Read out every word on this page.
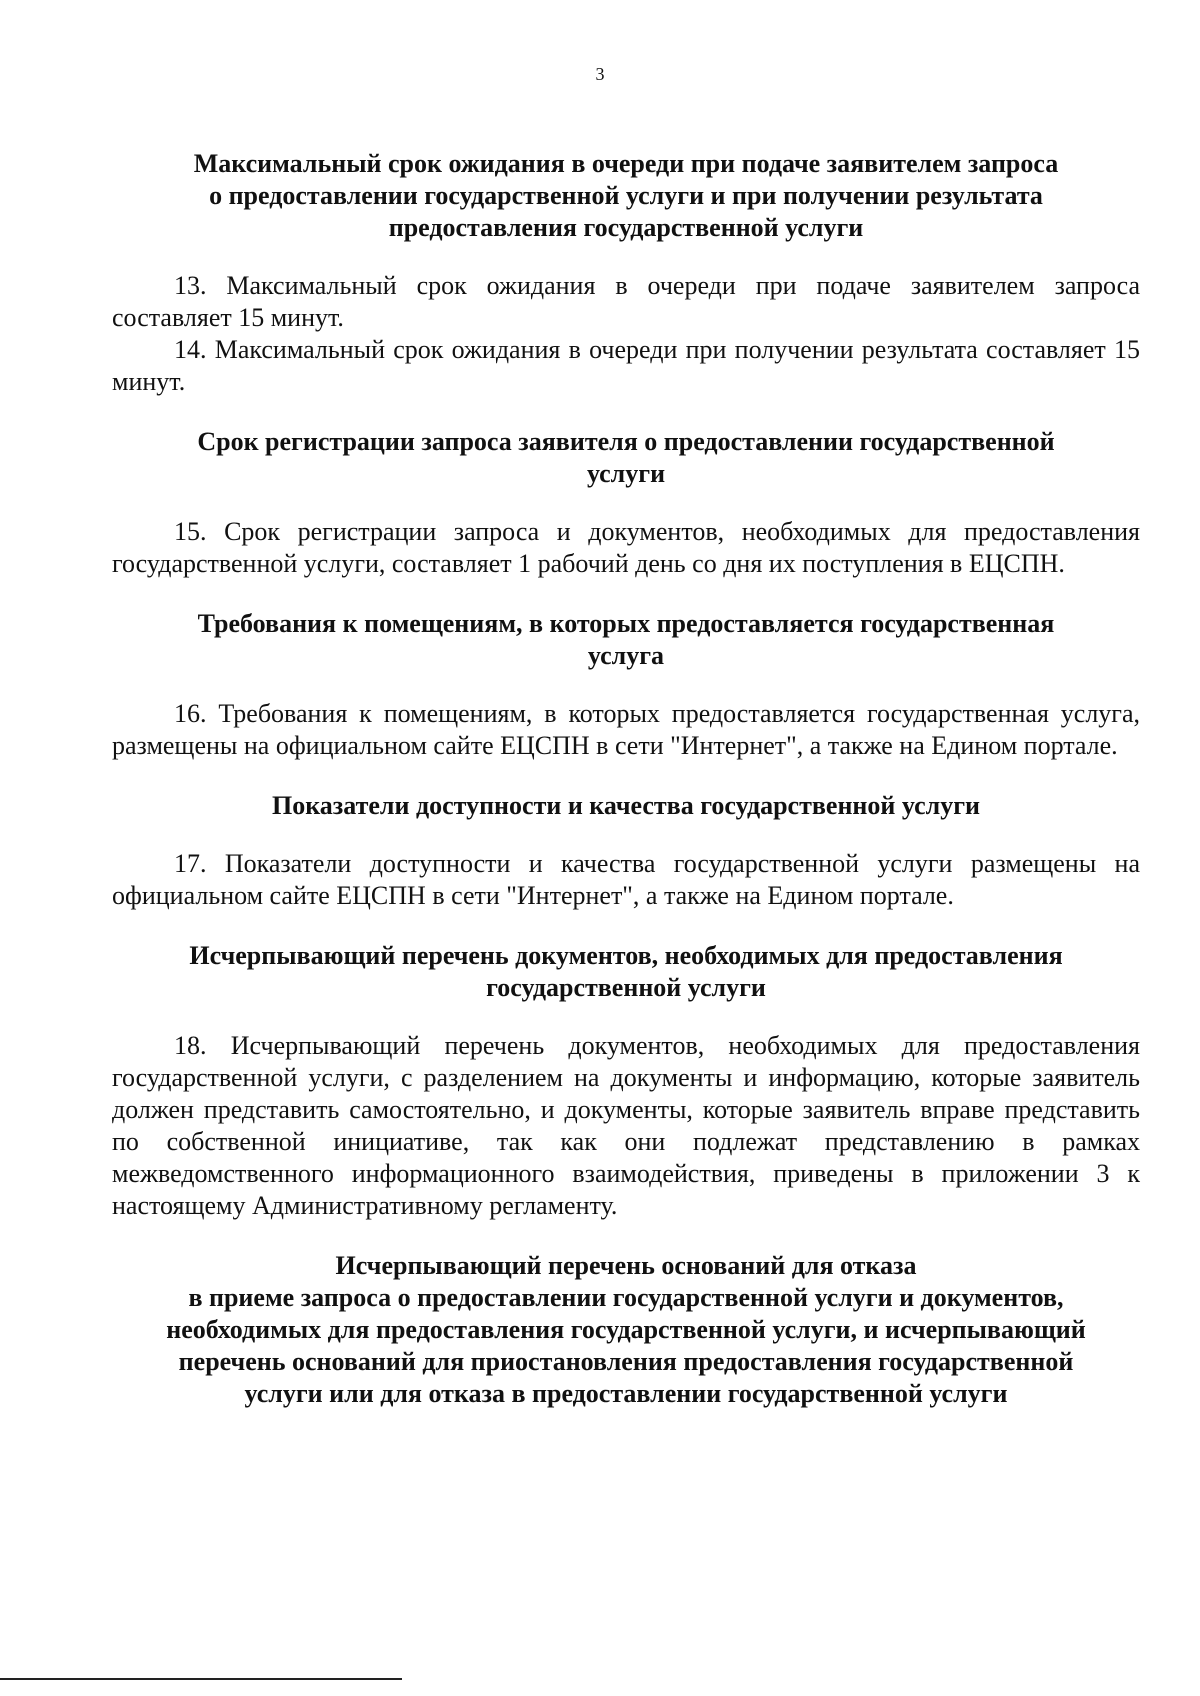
3

Максимальный срок ожидания в очереди при подаче заявителем запроса
о предоставлении государственной услуги и при получении результата
предоставления государственной услуги

13. Максимальный срок ожидания в очереди при подаче заявителем запроса составляет 15 минут.

14. Максимальный срок ожидания в очереди при получении результата составляет 15 минут.

Срок регистрации запроса заявителя о предоставлении государственной
услуги

15. Срок регистрации запроса и документов, необходимых для предоставления государственной услуги, составляет 1 рабочий день со дня их поступления в ЕЦСПН.

Требования к помещениям, в которых предоставляется государственная
услуга

16. Требования к помещениям, в которых предоставляется государственная услуга, размещены на официальном сайте ЕЦСПН в сети "Интернет", а также на Едином портале.

Показатели доступности и качества государственной услуги

17. Показатели доступности и качества государственной услуги размещены на официальном сайте ЕЦСПН в сети "Интернет", а также на Едином портале.

Исчерпывающий перечень документов, необходимых для предоставления
государственной услуги

18. Исчерпывающий перечень документов, необходимых для предоставления государственной услуги, с разделением на документы и информацию, которые заявитель должен представить самостоятельно, и документы, которые заявитель вправе представить по собственной инициативе, так как они подлежат представлению в рамках межведомственного информационного взаимодействия, приведены в приложении 3 к настоящему Административному регламенту.

Исчерпывающий перечень оснований для отказа
в приеме запроса о предоставлении государственной услуги и документов,
необходимых для предоставления государственной услуги, и исчерпывающий
перечень оснований для приостановления предоставления государственной
услуги или для отказа в предоставлении государственной услуги
